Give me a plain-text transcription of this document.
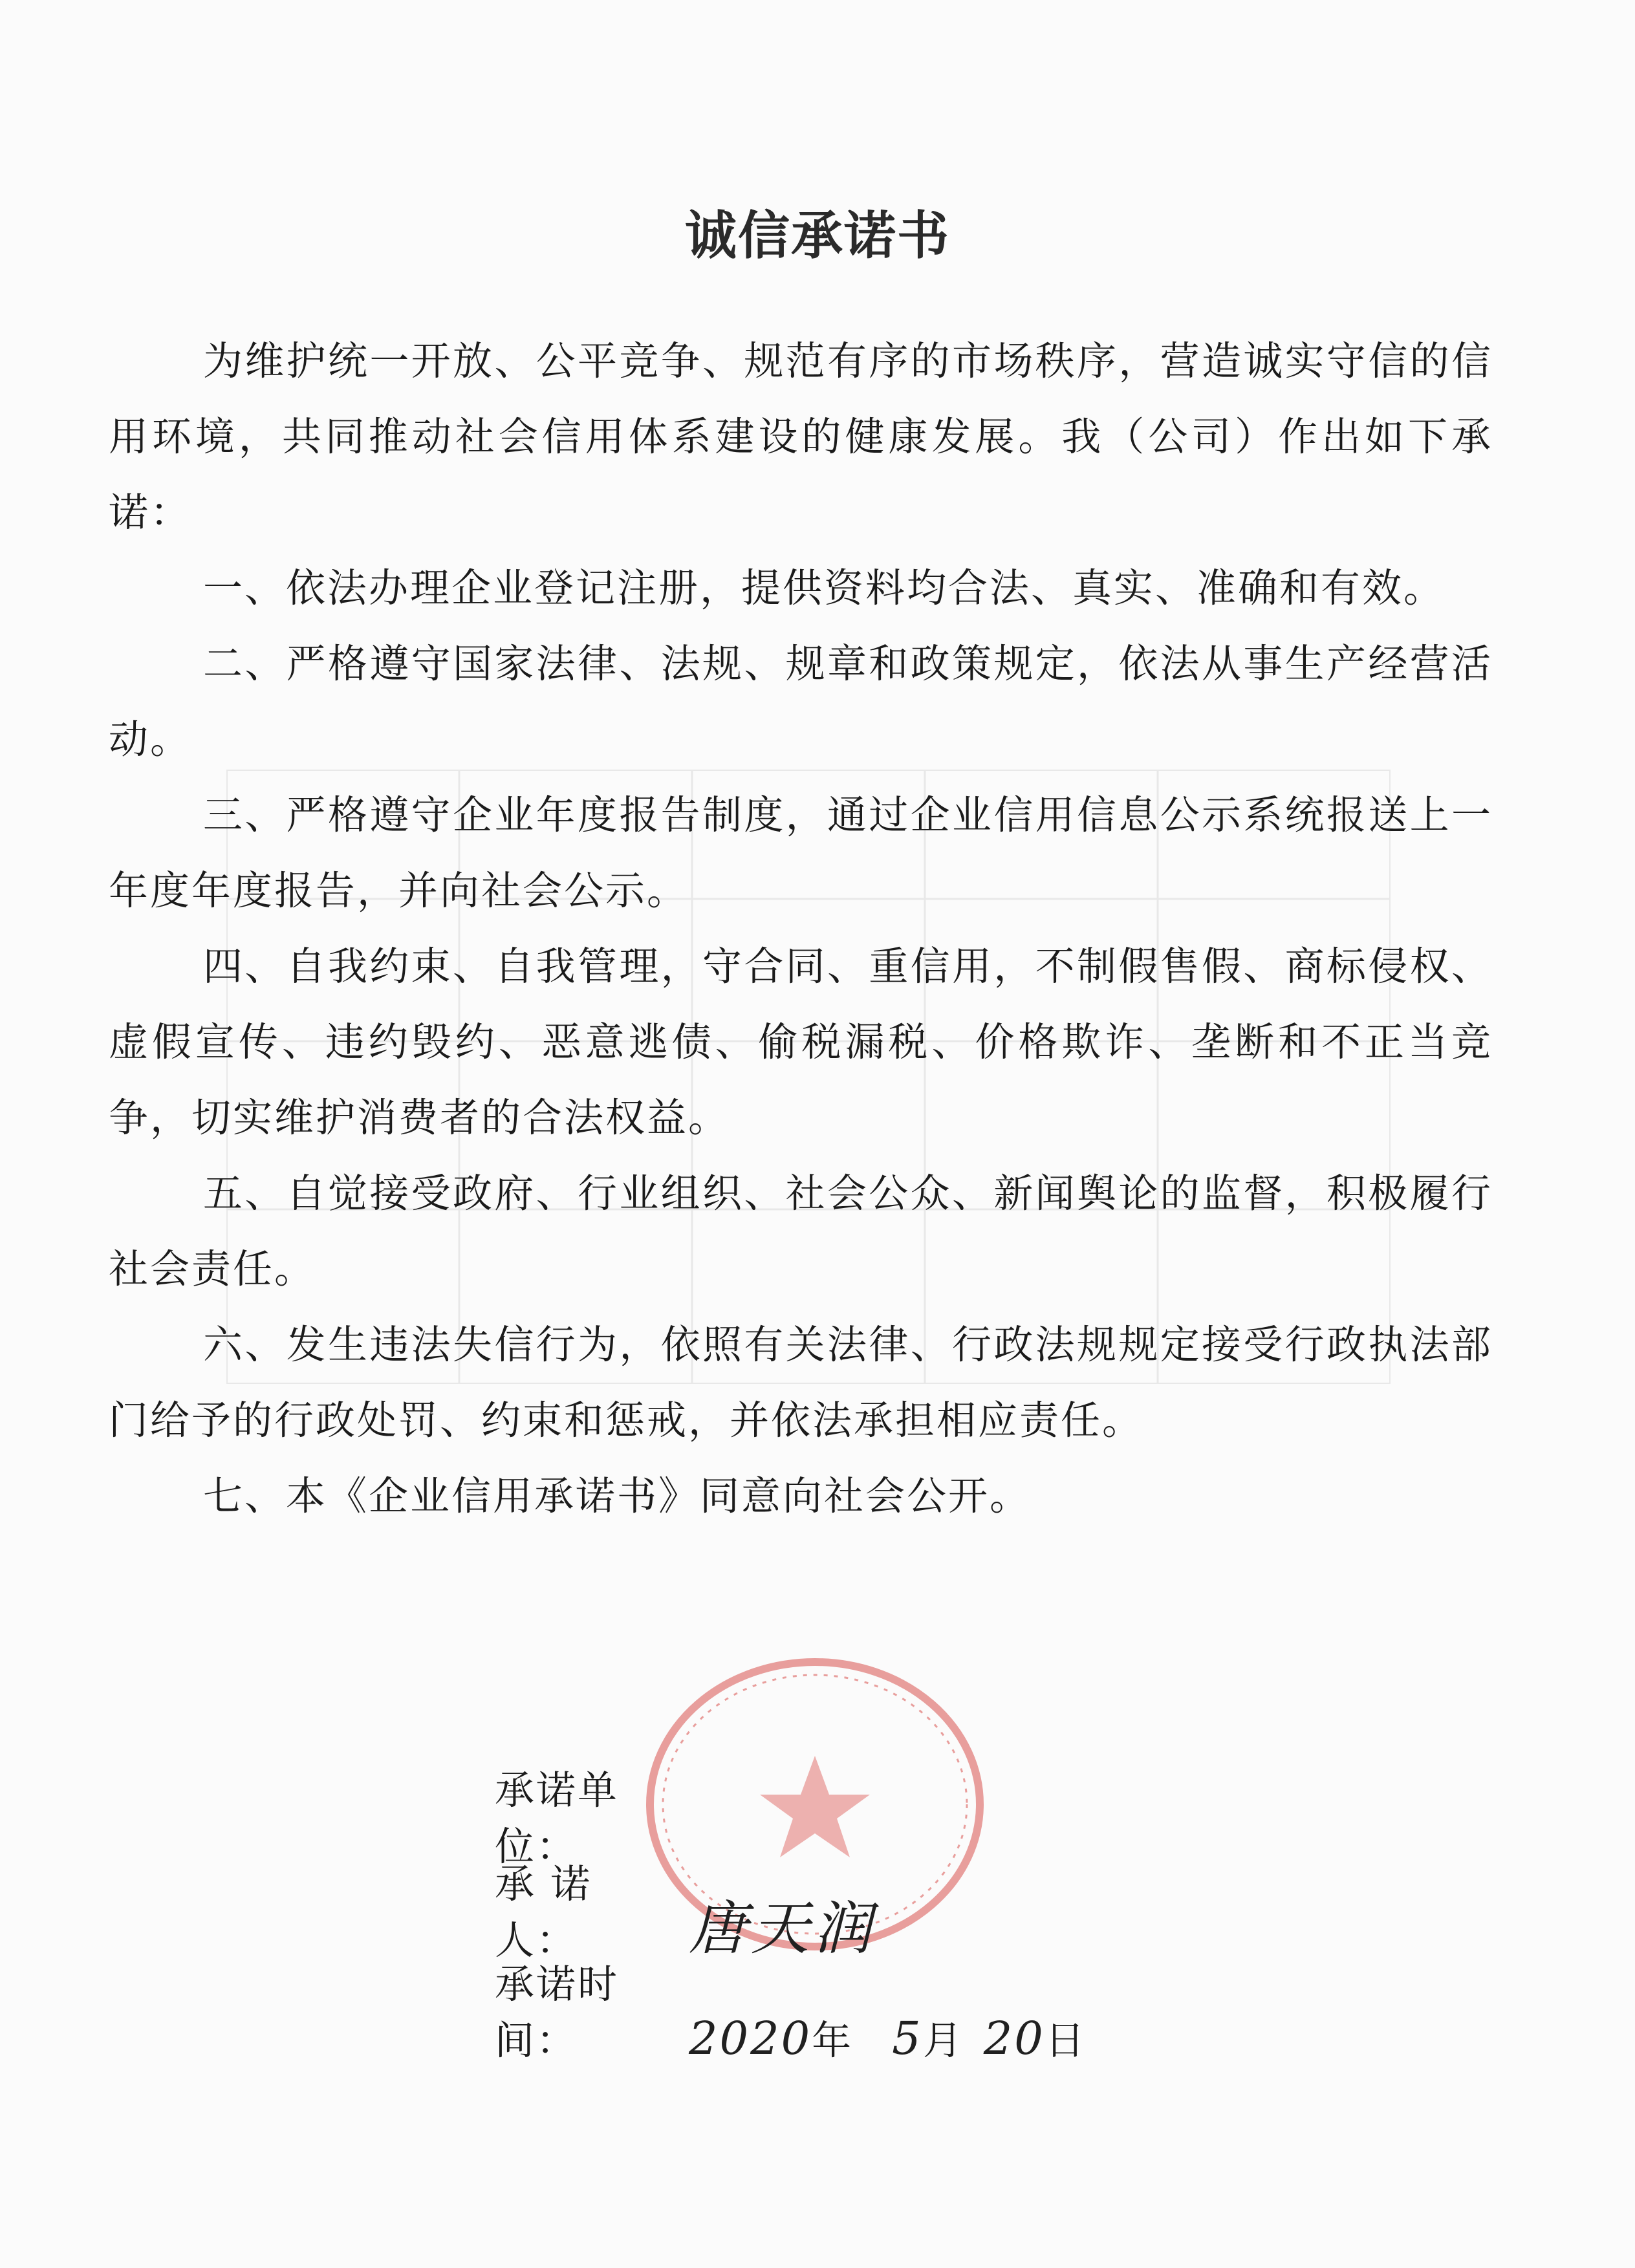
诚信承诺书

为维护统一开放、公平竞争、规范有序的市场秩序，营造诚实守信的信用环境，共同推动社会信用体系建设的健康发展。我（公司）作出如下承诺：

一、依法办理企业登记注册，提供资料均合法、真实、准确和有效。

二、严格遵守国家法律、法规、规章和政策规定，依法从事生产经营活动。

三、严格遵守企业年度报告制度，通过企业信用信息公示系统报送上一年度年度报告，并向社会公示。

四、自我约束、自我管理，守合同、重信用，不制假售假、商标侵权、虚假宣传、违约毁约、恶意逃债、偷税漏税、价格欺诈、垄断和不正当竞争，切实维护消费者的合法权益。

五、自觉接受政府、行业组织、社会公众、新闻舆论的监督，积极履行社会责任。

六、发生违法失信行为，依照有关法律、行政法规规定接受行政执法部门给予的行政处罚、约束和惩戒，并依法承担相应责任。

七、本《企业信用承诺书》同意向社会公开。

承诺单位：
承 诺 人： 唐天润
承诺时间： 2020年 5月 20日
